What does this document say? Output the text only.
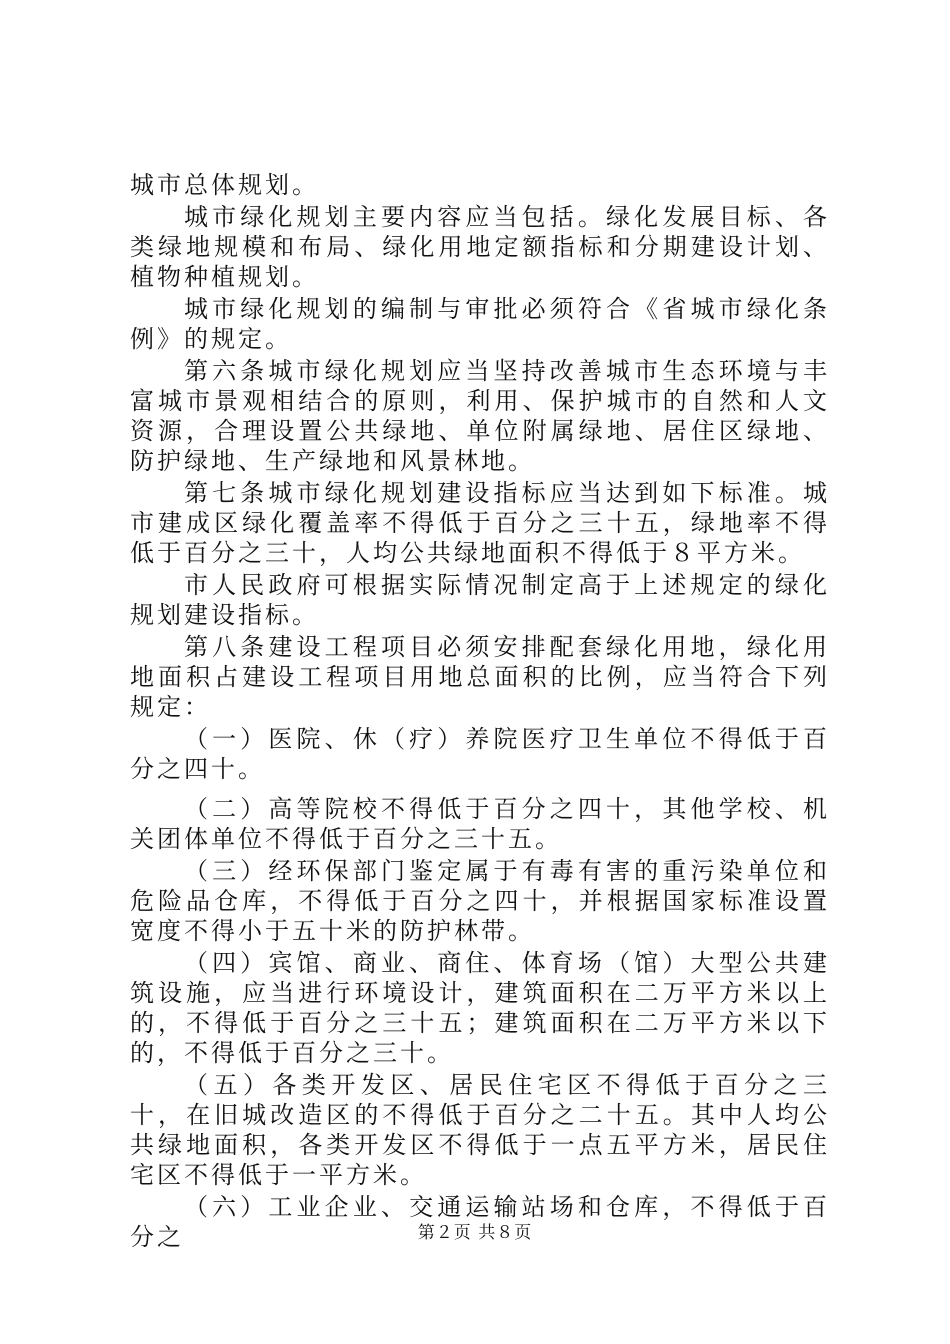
城市总体规划。

城市绿化规划主要内容应当包括。绿化发展目标、各类绿地规模和布局、绿化用地定额指标和分期建设计划、植物种植规划。

城市绿化规划的编制与审批必须符合《省城市绿化条例》的规定。

第六条城市绿化规划应当坚持改善城市生态环境与丰富城市景观相结合的原则，利用、保护城市的自然和人文资源，合理设置公共绿地、单位附属绿地、居住区绿地、防护绿地、生产绿地和风景林地。

第七条城市绿化规划建设指标应当达到如下标准。城市建成区绿化覆盖率不得低于百分之三十五，绿地率不得低于百分之三十，人均公共绿地面积不得低于８平方米。

市人民政府可根据实际情况制定高于上述规定的绿化规划建设指标。

第八条建设工程项目必须安排配套绿化用地，绿化用地面积占建设工程项目用地总面积的比例，应当符合下列规定：

（一）医院、休（疗）养院医疗卫生单位不得低于百分之四十。

（二）高等院校不得低于百分之四十，其他学校、机关团体单位不得低于百分之三十五。

（三）经环保部门鉴定属于有毒有害的重污染单位和危险品仓库，不得低于百分之四十，并根据国家标准设置宽度不得小于五十米的防护林带。

（四）宾馆、商业、商住、体育场（馆）大型公共建筑设施，应当进行环境设计，建筑面积在二万平方米以上的，不得低于百分之三十五；建筑面积在二万平方米以下的，不得低于百分之三十。

（五）各类开发区、居民住宅区不得低于百分之三十，在旧城改造区的不得低于百分之二十五。其中人均公共绿地面积，各类开发区不得低于一点五平方米，居民住宅区不得低于一平方米。

（六）工业企业、交通运输站场和仓库，不得低于百分之	第２页 共８页
